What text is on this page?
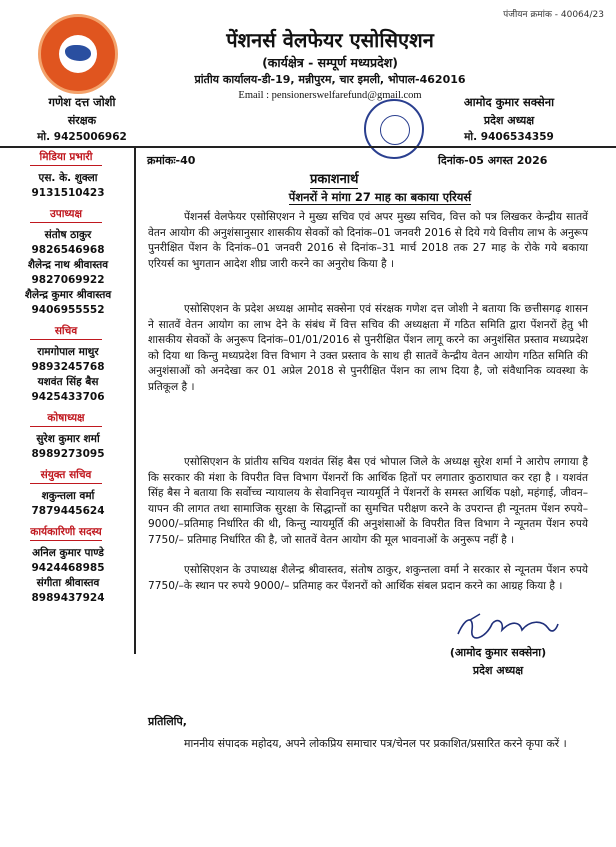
पंजीयन क्रमांक - 40064/23
पेंशनर्स वेलफेयर एसोसिएशन
(कार्यक्षेत्र - सम्पूर्ण मध्यप्रदेश)
प्रांतीय कार्यालय-डी-19, मन्नीपुरम, चार इमली, भोपाल-462016
Email : pensionerswelfarefund@gmail.com
गणेश दत्त जोशी
संरक्षक
मो. 9425006962
आमोद कुमार सक्सेना
प्रदेश अध्यक्ष
मो. 9406534359
मिडिया प्रभारी
एस. के. शुक्ला
9131510423
उपाध्यक्ष
संतोष ठाकुर
9826546968
शैलेन्द्र नाथ श्रीवास्तव
9827069922
शैलेन्द्र कुमार श्रीवास्तव
9406955552
सचिव
रामगोपाल माथुर
9893245768
यशवंत सिंह बैस
9425433706
कोषाध्यक्ष
सुरेश कुमार शर्मा
8989273095
संयुक्त सचिव
शकुन्तला वर्मा
7879445624
कार्यकारिणी सदस्य
अनिल कुमार पाण्डे
9424468985
संगीता श्रीवास्तव
8989437924
क्रमांकः-40	दिनांक-05 अगस्त 2026
प्रकाशनार्थ
पेंशनरों ने मांगा 27 माह का बकाया एरियर्स

पेंशनर्स वेलफेयर एसोसिएशन ने मुख्य सचिव एवं अपर मुख्य सचिव, वित्त को पत्र लिखकर केन्द्रीय सातवें वेतन आयोग की अनुशंसानुसार शासकीय सेवकों को दिनांक–01 जनवरी 2016 से दिये गये वित्तीय लाभ के अनुरूप पुनरीक्षित पेंशन के दिनांक–01 जनवरी 2016 से दिनांक–31 मार्च 2018 तक 27 माह के रोके गये बकाया एरियर्स का भुगतान आदेश शीघ्र जारी करने का अनुरोध किया है ।

एसोसिएशन के प्रदेश अध्यक्ष आमोद सक्सेना एवं संरक्षक गणेश दत्त जोशी ने बताया कि छत्तीसगढ़ शासन ने सातवें वेतन आयोग का लाभ देने के संबंध में वित्त सचिव की अध्यक्षता में गठित समिति द्वारा पेंशनरों हेतु भी शासकीय सेवकों के अनुरूप दिनांक–01/01/2016 से पुनरीक्षित पेंशन लागू करने का अनुशंसित प्रस्ताव मध्यप्रदेश को दिया था किन्तु मध्यप्रदेश वित्त विभाग ने उक्त प्रस्ताव के साथ ही सातवें केन्द्रीय वेतन आयोग गठित समिति की अनुशंसाओं को अनदेखा कर 01 अप्रेल 2018 से पुनरीक्षित पेंशन का लाभ दिया है, जो संवैधानिक व्यवस्था के प्रतिकूल है ।

एसोसिएशन के प्रांतीय सचिव यशवंत सिंह बैस एवं भोपाल जिले के अध्यक्ष सुरेश शर्मा ने आरोप लगाया है कि सरकार की मंशा के विपरीत वित्त विभाग पेंशनरों कि आर्थिक हितों पर लगातार कुठाराघात कर रहा है । यशवंत सिंह बैस ने बताया कि सर्वोच्च न्यायालय के सेवानिवृत्त न्यायमूर्ति ने पेंशनरों के समस्त आर्थिक पक्षो, महंगाई, जीवन–यापन की लागत तथा सामाजिक सुरक्षा के सिद्धान्तों का सुमचित परीक्षण करने के उपरान्त ही न्यूनतम पेंशन रुपये–9000/–प्रतिमाह निर्धारित की थी, किन्तु न्यायमूर्ति की अनुशंसाओं के विपरीत वित्त विभाग ने न्यूनतम पेंशन रुपये 7750/– प्रतिमाह निर्धारित की है, जो सातवें वेतन आयोग की मूल भावनाओं के अनुरूप नहीं है ।

एसोसिएशन के उपाध्यक्ष शैलेन्द्र श्रीवास्तव, संतोष ठाकुर, शकुन्तला वर्मा ने सरकार से न्यूनतम पेंशन रुपये 7750/–के स्थान पर रुपये 9000/– प्रतिमाह कर पेंशनरों को आर्थिक संबल प्रदान करने का आग्रह किया है ।

(आमोद कुमार सक्सेना)
प्रदेश अध्यक्ष
प्रतिलिपि,

माननीय संपादक महोदय, अपने लोकप्रिय समाचार पत्र/चेनल पर प्रकाशित/प्रसारित करने कृपा करें ।
